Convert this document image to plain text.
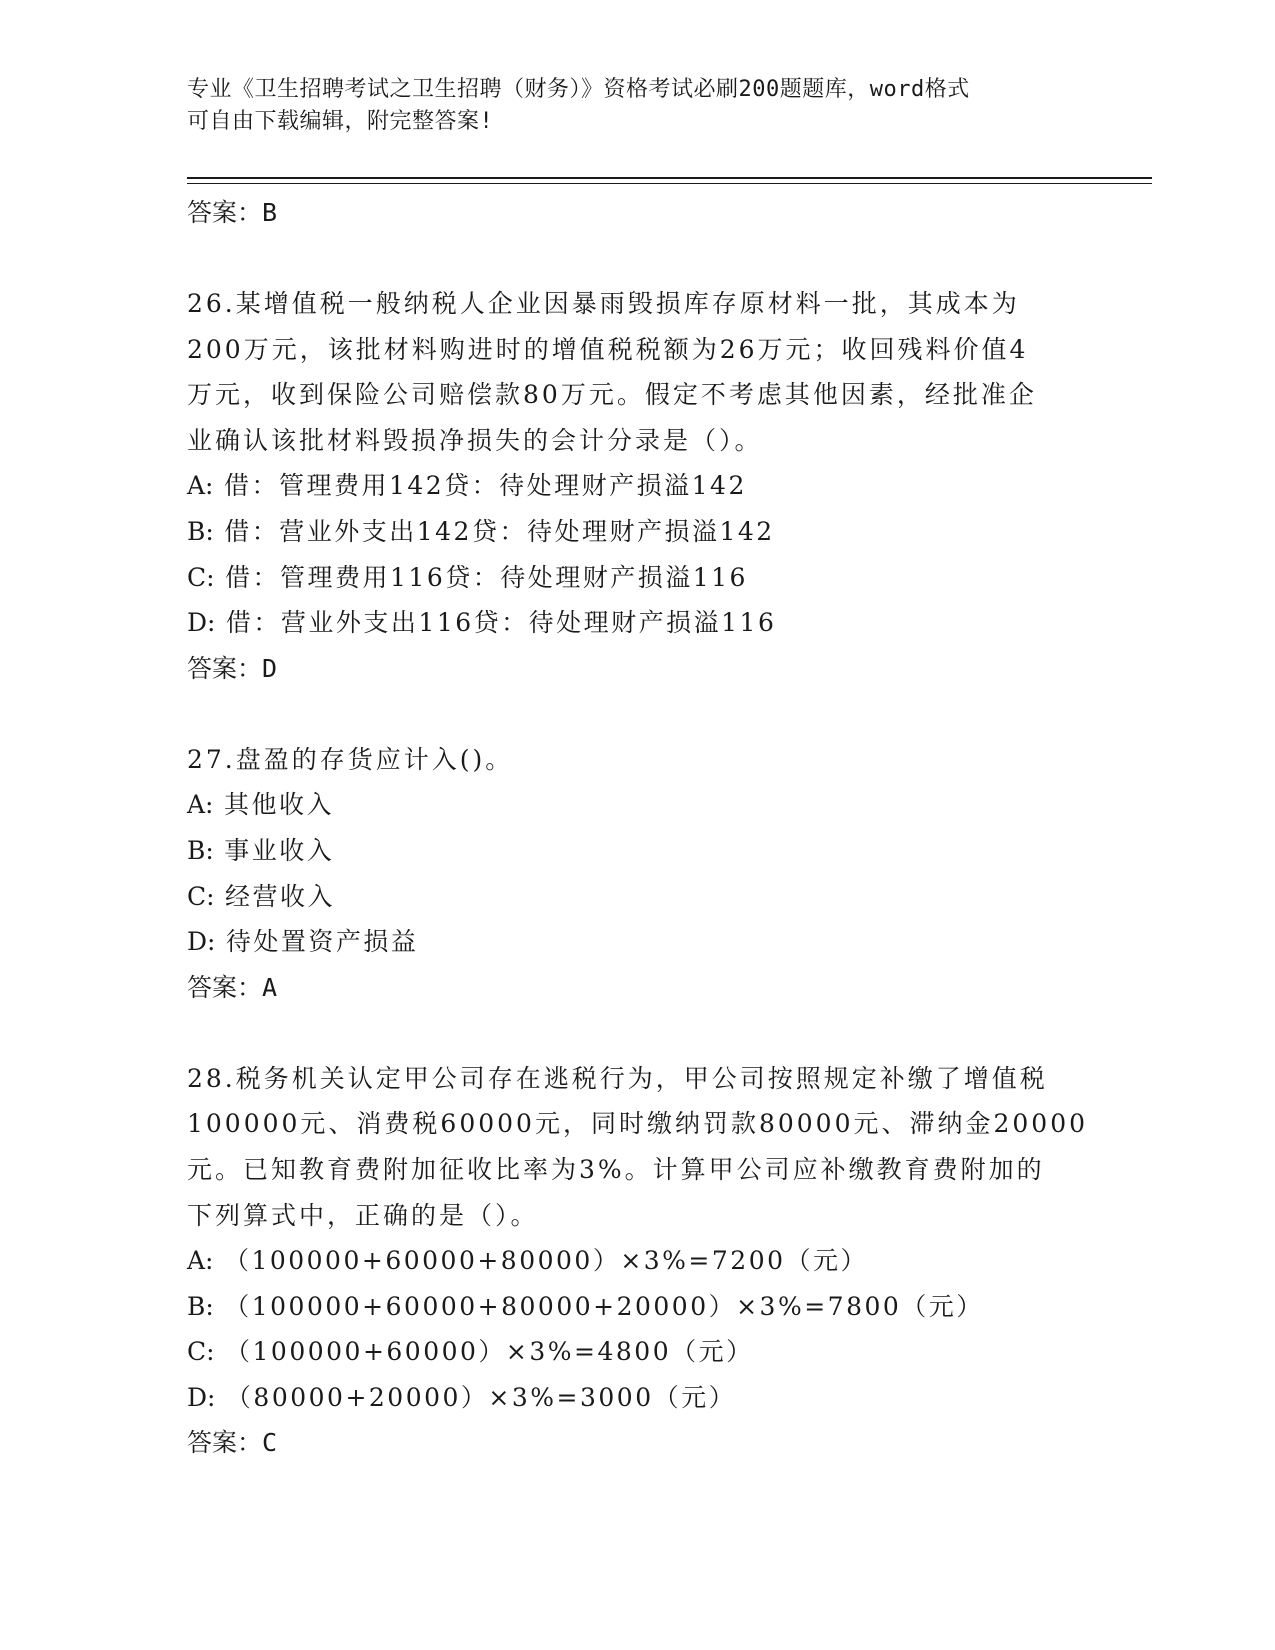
专业《卫生招聘考试之卫生招聘（财务）》资格考试必刷200题题库，word格式
可自由下载编辑，附完整答案!
答案：B
26.某增值税一般纳税人企业因暴雨毁损库存原材料一批，其成本为
200万元，该批材料购进时的增值税税额为26万元；收回残料价值4
万元，收到保险公司赔偿款80万元。假定不考虑其他因素，经批准企
业确认该批材料毁损净损失的会计分录是（）。
A: 借：管理费用142贷：待处理财产损溢142
B: 借：营业外支出142贷：待处理财产损溢142
C: 借：管理费用116贷：待处理财产损溢116
D: 借：营业外支出116贷：待处理财产损溢116
答案：D
27.盘盈的存货应计入()。
A: 其他收入
B: 事业收入
C: 经营收入
D: 待处置资产损益
答案：A
28.税务机关认定甲公司存在逃税行为，甲公司按照规定补缴了增值税
100000元、消费税60000元，同时缴纳罚款80000元、滞纳金20000
元。已知教育费附加征收比率为3%。计算甲公司应补缴教育费附加的
下列算式中，正确的是（）。
A: （100000+60000+80000）×3%=7200（元）
B: （100000+60000+80000+20000）×3%=7800（元）
C: （100000+60000）×3%=4800（元）
D: （80000+20000）×3%=3000（元）
答案：C
